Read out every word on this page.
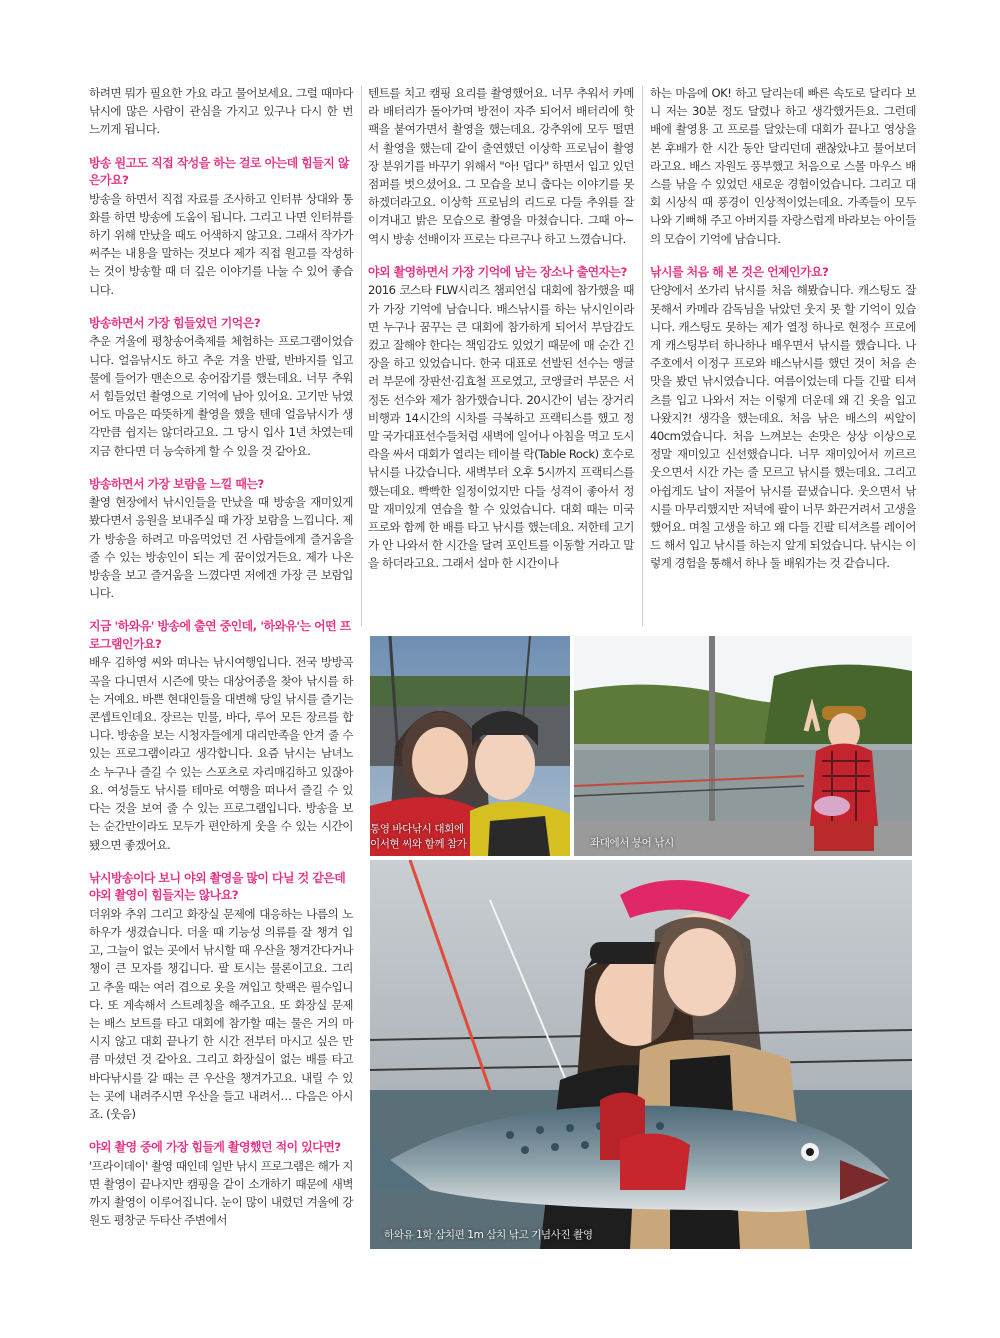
하려면 뭐가 필요한 가요 라고 물어보세요. 그럴 때마다 낚시에 많은 사람이 관심을 가지고 있구나 다시 한 번 느끼게 됩니다.

방송 원고도 직접 작성을 하는 걸로 아는데 힘들지 않은가요?

방송을 하면서 직접 자료를 조사하고 인터뷰 상대와 통화를 하면 방송에 도움이 됩니다. 그리고 나면 인터뷰를 하기 위해 만났을 때도 어색하지 않고요. 그래서 작가가 써주는 내용을 말하는 것보다 제가 직접 원고를 작성하는 것이 방송할 때 더 깊은 이야기를 나눌 수 있어 좋습니다.

방송하면서 가장 힘들었던 기억은?

추운 겨울에 평창송어축제를 체험하는 프로그램이었습니다. 얼음낚시도 하고 추운 겨울 반팔, 반바지를 입고 물에 들어가 맨손으로 송어잡기를 했는데요. 너무 추워서 힘들었던 촬영으로 기억에 남아 있어요. 고기만 낚였어도 마음은 따뜻하게 촬영을 했을 텐데 얼음낚시가 생각만큼 쉽지는 않더라고요. 그 당시 입사 1년 차였는데 지금 한다면 더 능숙하게 할 수 있을 것 같아요.

방송하면서 가장 보람을 느낄 때는?

촬영 현장에서 낚시인들을 만났을 때 방송을 재미있게 봤다면서 응원을 보내주실 때 가장 보람을 느낍니다. 제가 방송을 하려고 마음먹었던 건 사람들에게 즐거움을 줄 수 있는 방송인이 되는 게 꿈이었거든요. 제가 나온 방송을 보고 즐거움을 느꼈다면 저에겐 가장 큰 보람입니다.

지금 '하와유' 방송에 출연 중인데, '하와유'는 어떤 프로그램인가요?

배우 김하영 씨와 떠나는 낚시여행입니다. 전국 방방곡곡을 다니면서 시즌에 맞는 대상어종을 찾아 낚시를 하는 거예요. 바쁜 현대인들을 대변해 당일 낚시를 즐기는 콘셉트인데요. 장르는 민물, 바다, 루어 모든 장르를 합니다. 방송을 보는 시청자들에게 대리만족을 안겨 줄 수 있는 프로그램이라고 생각합니다. 요즘 낚시는 남녀노소 누구나 즐길 수 있는 스포츠로 자리매김하고 있잖아요. 여성들도 낚시를 테마로 여행을 떠나서 즐길 수 있다는 것을 보여 줄 수 있는 프로그램입니다. 방송을 보는 순간만이라도 모두가 편안하게 웃을 수 있는 시간이 됐으면 좋겠어요.

낚시방송이다 보니 야외 촬영을 많이 다닐 것 같은데 야외 촬영이 힘들지는 않나요?

더위와 추위 그리고 화장실 문제에 대응하는 나름의 노하우가 생겼습니다. 더울 때 기능성 의류를 잘 챙겨 입고, 그늘이 없는 곳에서 낚시할 때 우산을 챙겨간다거나 챙이 큰 모자를 챙깁니다. 팔 토시는 물론이고요. 그리고 추울 때는 여러 겹으로 옷을 껴입고 핫팩은 필수입니다. 또 계속해서 스트레칭을 해주고요. 또 화장실 문제는 배스 보트를 타고 대회에 참가할 때는 물은 거의 마시지 않고 대회 끝나기 한 시간 전부터 마시고 싶은 만큼 마셨던 것 같아요. 그리고 화장실이 없는 배를 타고 바다낚시를 갈 때는 큰 우산을 챙겨가고요. 내릴 수 있는 곳에 내려주시면 우산을 들고 내려서… 다음은 아시죠. (웃음)

야외 촬영 중에 가장 힘들게 촬영했던 적이 있다면?

'프라이데이' 촬영 때인데 일반 낚시 프로그램은 해가 지면 촬영이 끝나지만 캠핑을 같이 소개하기 때문에 새벽까지 촬영이 이루어집니다. 눈이 많이 내렸던 겨울에 강원도 평창군 두타산 주변에서

텐트를 치고 캠핑 요리를 촬영했어요. 너무 추워서 카메라 배터리가 돌아가며 방전이 자주 되어서 배터리에 핫팩을 붙여가면서 촬영을 했는데요. 강추위에 모두 떨면서 촬영을 했는데 같이 출연했던 이상학 프로님이 촬영장 분위기를 바꾸기 위해서 "아! 덥다" 하면서 입고 있던 점퍼를 벗으셨어요. 그 모습을 보니 춥다는 이야기를 못하겠더라고요. 이상학 프로님의 리드로 다들 추위를 잘 이겨내고 밝은 모습으로 촬영을 마쳤습니다. 그때 아~ 역시 방송 선배이자 프로는 다르구나 하고 느꼈습니다.

야외 촬영하면서 가장 기억에 남는 장소나 출연자는?

2016 코스타 FLW시리즈 챔피언십 대회에 참가했을 때가 가장 기억에 남습니다. 배스낚시를 하는 낚시인이라면 누구나 꿈꾸는 큰 대회에 참가하게 되어서 부담감도 컸고 잘해야 한다는 책임감도 있었기 때문에 매 순간 긴장을 하고 있었습니다. 한국 대표로 선발된 선수는 앵글러 부문에 장판선·김효철 프로였고, 코앵글러 부문은 서정돈 선수와 제가 참가했습니다. 20시간이 넘는 장거리 비행과 14시간의 시차를 극복하고 프랙티스를 했고 정말 국가대표선수들처럼 새벽에 일어나 아침을 먹고 도시락을 싸서 대회가 열리는 테이블 락(Table Rock) 호수로 낚시를 나갔습니다. 새벽부터 오후 5시까지 프랙티스를 했는데요. 빡빡한 일정이었지만 다들 성격이 좋아서 정말 재미있게 연습을 할 수 있었습니다. 대회 때는 미국 프로와 함께 한 배를 타고 낚시를 했는데요. 저한테 고기가 안 나와서 한 시간을 달려 포인트를 이동할 거라고 말을 하더라고요. 그래서 설마 한 시간이나

하는 마음에 OK! 하고 달리는데 빠른 속도로 달리다 보니 저는 30분 정도 달렸나 하고 생각했거든요. 그런데 배에 촬영용 고 프로를 달았는데 대회가 끝나고 영상을 본 후배가 한 시간 동안 달리던데 괜찮았냐고 물어보더라고요. 배스 자원도 풍부했고 처음으로 스몰 마우스 배스를 낚을 수 있었던 새로운 경험이었습니다. 그리고 대회 시상식 때 풍경이 인상적이었는데요. 가족들이 모두 나와 기뻐해 주고 아버지를 자랑스럽게 바라보는 아이들의 모습이 기억에 남습니다.

낚시를 처음 해 본 것은 언제인가요?

단양에서 쏘가리 낚시를 처음 해봤습니다. 캐스팅도 잘 못해서 카메라 감독님을 낚았던 웃지 못 할 기억이 있습니다. 캐스팅도 못하는 제가 열정 하나로 현정수 프로에게 캐스팅부터 하나하나 배우면서 낚시를 했습니다. 나주호에서 이정구 프로와 배스낚시를 했던 것이 처음 손맛을 봤던 낚시였습니다. 여름이었는데 다들 긴팔 티셔츠를 입고 나와서 저는 이렇게 더운데 왜 긴 옷을 입고 나왔지?! 생각을 했는데요. 처음 낚은 배스의 씨알이 40cm였습니다. 처음 느껴보는 손맛은 상상 이상으로 정말 재미있고 신선했습니다. 너무 재미있어서 끼르르 웃으면서 시간 가는 줄 모르고 낚시를 했는데요. 그리고 아쉽게도 날이 저물어 낚시를 끝냈습니다. 웃으면서 낚시를 마무리했지만 저녁에 팔이 너무 화끈거려서 고생을 했어요. 며칠 고생을 하고 왜 다들 긴팔 티셔츠를 레이어드 해서 입고 낚시를 하는지 알게 되었습니다. 낚시는 이렇게 경험을 통해서 하나 둘 배워가는 것 같습니다.

통영 바다낚시 대회에
이서현 씨와 함께 참가	좌대에서 붕어 낚시
하와유 1화 삼치편 1m 삼치 낚고 기념사진 촬영
